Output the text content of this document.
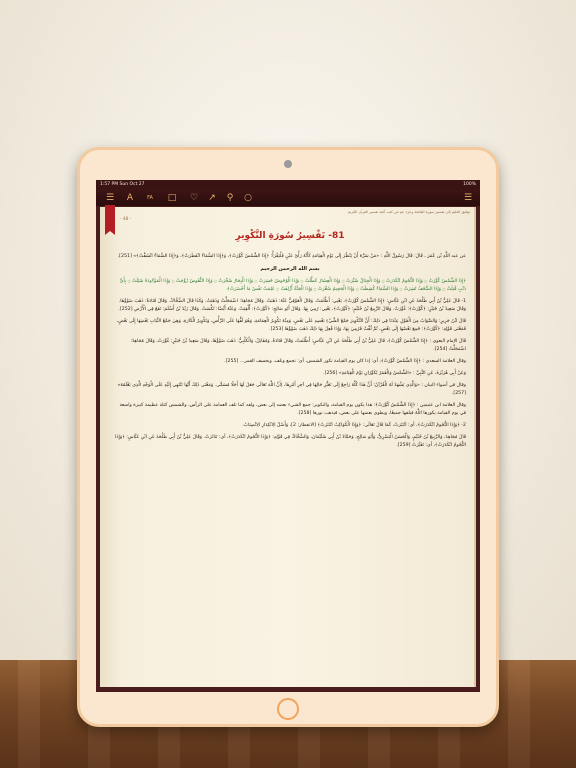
1:57 PM Sun Oct 27	100%
☰	A	FA	□ ♡ ↗	⚲	○	☰
توفيق العليم إلى تفسير سورة الفاتحة وجزء عم من كتب أئمة تفسير القرآن الكريم
- 48 -
81- تَفْسِيرُ سُورَةِ التَّكْوِيرِ
عن عبد اللَّهِ بْن عُمَرَ ، قَالَ: قَالَ رَسُولُ اللَّهِ : «مَنْ سَرَّهُ أَنْ يَنْظُرَ إِلَى يَوْمِ الْقِيَامَةِ كَأَنَّهُ رَأْيُ عَيْنٍ فَلْيَقْرَأْ: ﴿إِذَا الشَّمْسُ كُوِّرَتْ﴾، وَ﴿إِذَا السَّمَاءُ انْفَطَرَتْ﴾، وَ﴿إِذَا السَّمَاءُ انْشَقَّتْ﴾» [251].
بسم الله الرحمن الرحيم
﴿إِذَا الشَّمْسُ كُوِّرَتْ ۝ وَإِذَا النُّجُومُ انْكَدَرَتْ ۝ وَإِذَا الْجِبَالُ سُيِّرَتْ ۝ وَإِذَا الْعِشَارُ عُطِّلَتْ ۝ وَإِذَا الْوُحُوشُ حُشِرَتْ ۝ وَإِذَا الْبِحَارُ سُجِّرَتْ ۝ وَإِذَا النُّفُوسُ زُوِّجَتْ ۝ وَإِذَا الْمَوْءُودَةُ سُئِلَتْ ۝ بِأَيِّ ذَنْبٍ قُتِلَتْ ۝ وَإِذَا الصُّحُفُ نُشِرَتْ ۝ وَإِذَا السَّمَاءُ كُشِطَتْ ۝ وَإِذَا الْجَحِيمُ سُعِّرَتْ ۝ وَإِذَا الْجَنَّةُ أُزْلِفَتْ ۝ عَلِمَتْ نَفْسٌ مَا أَحْضَرَتْ﴾.
1- قَالَ عَلِيُّ بْنُ أَبِي طَلْحَةَ عَنِ ابْنِ عَبَّاسٍ: ﴿إِذَا الشَّمْسُ كُوِّرَتْ﴾، يَعْنِي: أَظْلَمَتْ. وَقَالَ الْعَوْفِيُّ عَنْهُ: ذَهَبَتْ. وَقَالَ مُجَاهِدٌ: اضْمَحَلَّتْ وَذَهَبَتْ. وَكَذَا قَالَ الضَّحَّاكُ. وَقَالَ قَتَادَةُ: ذَهَبَ ضَوْؤُهَا. وَقَالَ سَعِيدُ بْنُ جُبَيْرٍ: ﴿كُوِّرَتْ﴾: غُوِّرَتْ. وَقَالَ الرَّبِيعُ بْنُ خُثَيْمٍ: ﴿كُوِّرَتْ﴾، يَعْنِي: رُمِيَ بِهَا. وَقَالَ أَبُو صَالِحٍ: ﴿كُوِّرَتْ﴾: أُلْقِيَتْ. وَعَنْهُ أَيْضًا: نُكِّسَتْ. وَقَالَ زَيْدُ بْنُ أَسْلَمَ: تَقَعُ فِي الْأَرْضِ [252].
قَالَ ابْنُ جَرِيرٍ: وَالصَّوَابُ مِنَ الْقَوْلِ عِنْدَنَا فِي ذَلِكَ: أَنَّ التَّكْوِيرَ جَمْعُ الشَّيْءِ بَعْضِهِ عَلَى بَعْضٍ، وَمِنْهُ تَكْوِيرُ الْعِمَامَةِ، وَهُوَ لَفُّهَا عَلَى الرَّأْسِ، وَتَكْوِيرُ الْكَارَةِ، وَهِيَ جَمْعُ الثِّيَابِ بَعْضِهَا إِلَى بَعْضٍ، فَمَعْنَى قَوْلِهِ: ﴿كُوِّرَتْ﴾: جُمِعَ بَعْضُهَا إِلَى بَعْضٍ، ثُمَّ لُفَّتْ فَرُمِيَ بِهَا، وَإِذَا فُعِلَ بِهَا ذَلِكَ ذَهَبَ ضَوْؤُهَا [253].
قَالَ الإمام البغوي : ﴿إِذَا الشَّمْسُ كُوِّرَتْ﴾، قَالَ عَلِيُّ بْنُ أَبِي طَلْحَةَ عَنِ ابْنِ عَبَّاسٍ: أَظْلَمَتْ، وَقَالَ قَتَادَةُ، وَمُقَاتِلٌ، وَالْكَلْبِيُّ: ذَهَبَ ضَوْؤُهَا، وَقَالَ سَعِيدُ بْنُ جُبَيْرٍ: غُوِّرَتْ، وَقَالَ مُجَاهِدٌ: اضْمَحَلَّتْ [254].
وقال العلامة السعدي : ﴿إِذَا الشَّمْسُ كُوِّرَتْ﴾، أي: إذا كان يوم القيامة تكور الشمس، أي: تجمع وتلف، ويخسف القمر... [255].
وَعَنْ أَبِي هُرَيْرَةَ، عَنِ النَّبِيِّ : «الشَّمْسُ وَالْقَمَرُ يُكَوَّرَانِ يَوْمَ الْقِيَامَةِ» [256].
وقال في أضواء البيان : «وَالَّذِي يَشْهَدُ لَهُ الْقُرْآنُ: أَنَّ هَذَا كُلَّهُ رَاجِعٌ إِلَى تَغَيُّرِ حَالِهَا فِي آخِرِ أَمْرِهَا، لِأَنَّ اللَّهَ تَعَالَى جَعَلَ لَهَا أَجَلًا مُسَمًّى. وَمَعْنَى ذَلِكَ أَنَّهَا تَنْتَهِي إِلَيْهِ عَلَى الْوَجْهِ الَّذِي يَعْلَمُهُ» [257].
وقال العلامة ابن عثيمين : ﴿إِذَا الشَّمْسُ كُوِّرَتْ﴾: هذا يكون يوم القيامة، والتكوير: جمع الشيء بعضه إلى بعض، ولفه كما تلف العمامة على الرأس، والشمس كتلة عظيمة كبيرة واسعة في يوم القيامة يكورها اللَّهُ فيلفها جميعًا، ويطوي بعضها على بعض، فيذهب نورها [258].
2- ﴿وَإِذَا النُّجُومُ انْكَدَرَتْ﴾، أي: انْتَثَرَتْ، كَمَا قَالَ تَعَالَى: ﴿وَإِذَا الْكَوَاكِبُ انْتَثَرَتْ﴾ [الانفطار: 2]، وَأَصْلُ الِانْكِدَارِ الِانْصِبَابُ.
قَالَ مُجَاهِدٌ، وَالرَّبِيعُ بْنُ خُثَيْمٍ، وَالْحَسَنُ الْبَصْرِيُّ، وَأَبُو صَالِحٍ، وَحَمَّادُ بْنُ أَبِي سُلَيْمَانَ، وَالضَّحَّاكُ فِي قَوْلِهِ: ﴿وَإِذَا النُّجُومُ انْكَدَرَتْ﴾، أي: تَنَاثَرَتْ. وَقَالَ عَلِيُّ بْنُ أَبِي طَلْحَةَ عَنِ ابْنِ عَبَّاسٍ: ﴿وَإِذَا النُّجُومُ انْكَدَرَتْ﴾، أي: تَغَيَّرَتْ [259].
